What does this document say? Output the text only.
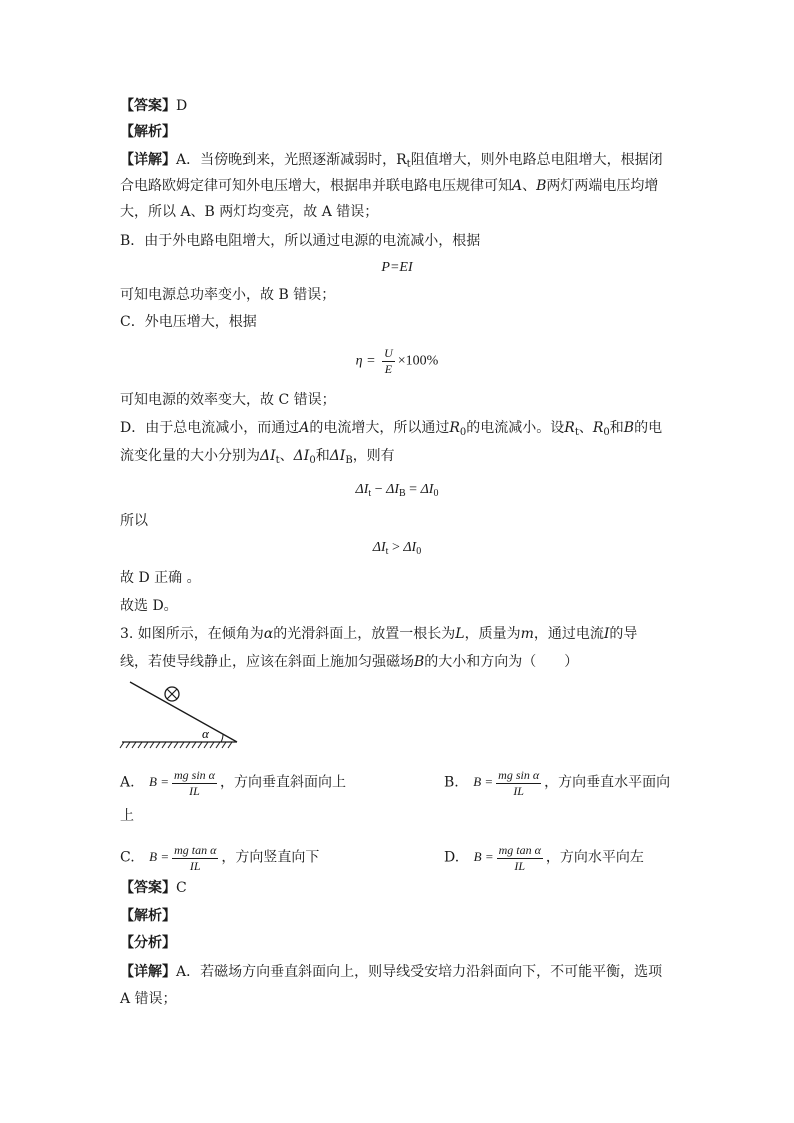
【答案】D
【解析】
【详解】A．当傍晚到来，光照逐渐减弱时，$R_t$阻值增大，则外电路总电阻增大，根据闭
合电路欧姆定律可知外电压增大，根据串并联电路电压规律可知A、B两灯两端电压均增
大，所以 A、B 两灯均变亮，故 A 错误；
B．由于外电路电阻增大，所以通过电源的电流减小，根据
P=EI
可知电源总功率变小，故 B 错误；
C．外电压增大，根据
$\eta = \frac{U}{E} \times 100\%$
可知电源的效率变大，故 C 错误；
D．由于总电流减小，而通过A的电流增大，所以通过$R_0$的电流减小。设$R_t$、$R_0$和B的电
流变化量的大小分别为$\Delta I_t$、$\Delta I_0$和$\Delta I_B$，则有
$\Delta I_t - \Delta I_B = \Delta I_0$
所以
$\Delta I_t > \Delta I_0$
故 D 正确 。
故选 D。
3. 如图所示，在倾角为α的光滑斜面上，放置一根长为L，质量为m，通过电流I的导
线，若使导线静止，应该在斜面上施加匀强磁场B的大小和方向为（　　）
α
A. $B = \frac{\text{mg sin α}}{IL}$ ，方向垂直斜面向上	B. $B = \frac{\text{mg sin α}}{IL}$ ，方向垂直水平面向
上
C. $B = \frac{\text{mg tan α}}{IL}$ ，方向竖直向下	D. $B = \frac{\text{mg tan α}}{IL}$ ，方向水平向左
【答案】C
【解析】
【分析】
【详解】A．若磁场方向垂直斜面向上，则导线受安培力沿斜面向下，不可能平衡，选项
A 错误；
